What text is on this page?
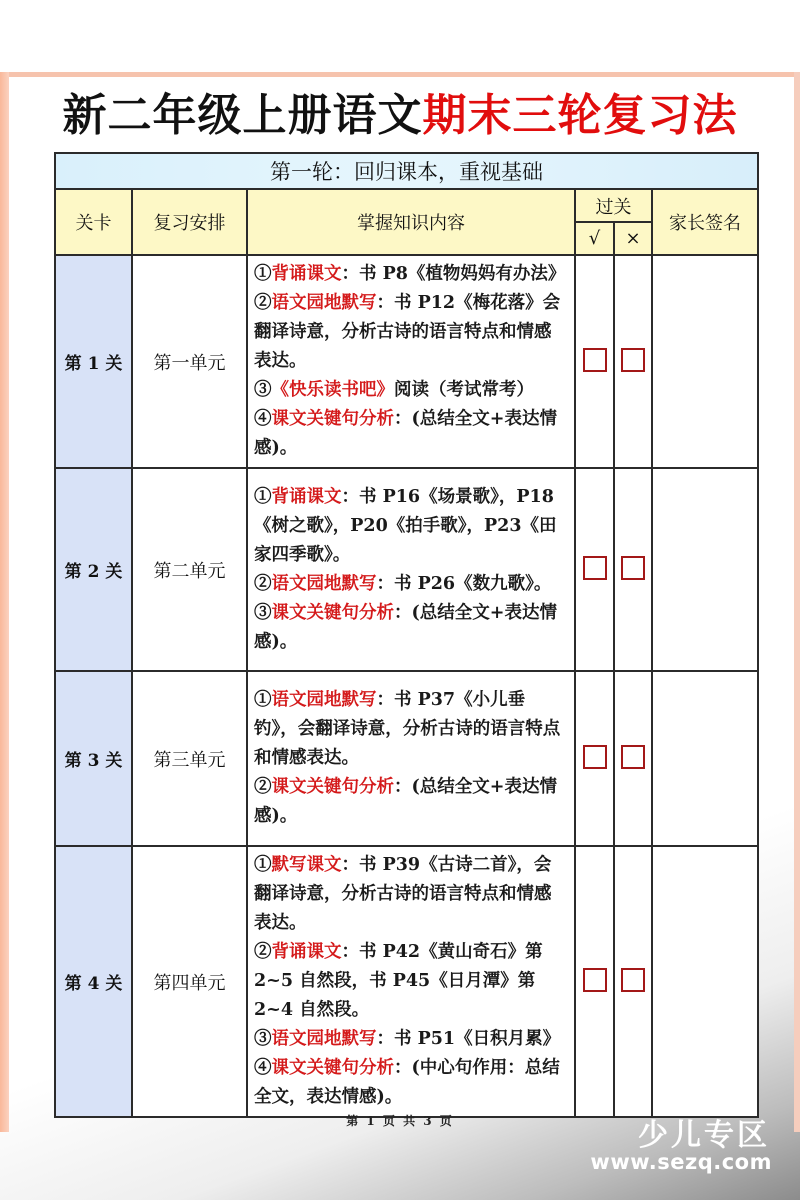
新二年级上册语文期末三轮复习法
第一轮：回归课本，重视基础					
关卡	复习安排	掌握知识内容	过关		家长签名
			√	×	
第 1 关	第一单元	①背诵课文：书 P8《植物妈妈有办法》
②语文园地默写：书 P12《梅花落》会翻译诗意，分析古诗的语言特点和情感表达。
③《快乐读书吧》阅读（考试常考）
④课文关键句分析：(总结全文+表达情感)。			

第 2 关	第二单元	①背诵课文：书 P16《场景歌》，P18《树之歌》，P20《拍手歌》，P23《田家四季歌》。
②语文园地默写：书 P26《数九歌》。
③课文关键句分析：(总结全文+表达情感)。			

第 3 关	第三单元	①语文园地默写：书 P37《小儿垂钓》，会翻译诗意，分析古诗的语言特点和情感表达。
②课文关键句分析：(总结全文+表达情感)。			

第 4 关	第四单元	①默写课文：书 P39《古诗二首》，会翻译诗意，分析古诗的语言特点和情感表达。
②背诵课文：书 P42《黄山奇石》第 2~5 自然段，书 P45《日月潭》第 2~4 自然段。
③语文园地默写：书 P51《日积月累》
④课文关键句分析：(中心句作用：总结全文，表达情感)。			

第 1 页 共 3 页	少儿专区
www.sezq.com
